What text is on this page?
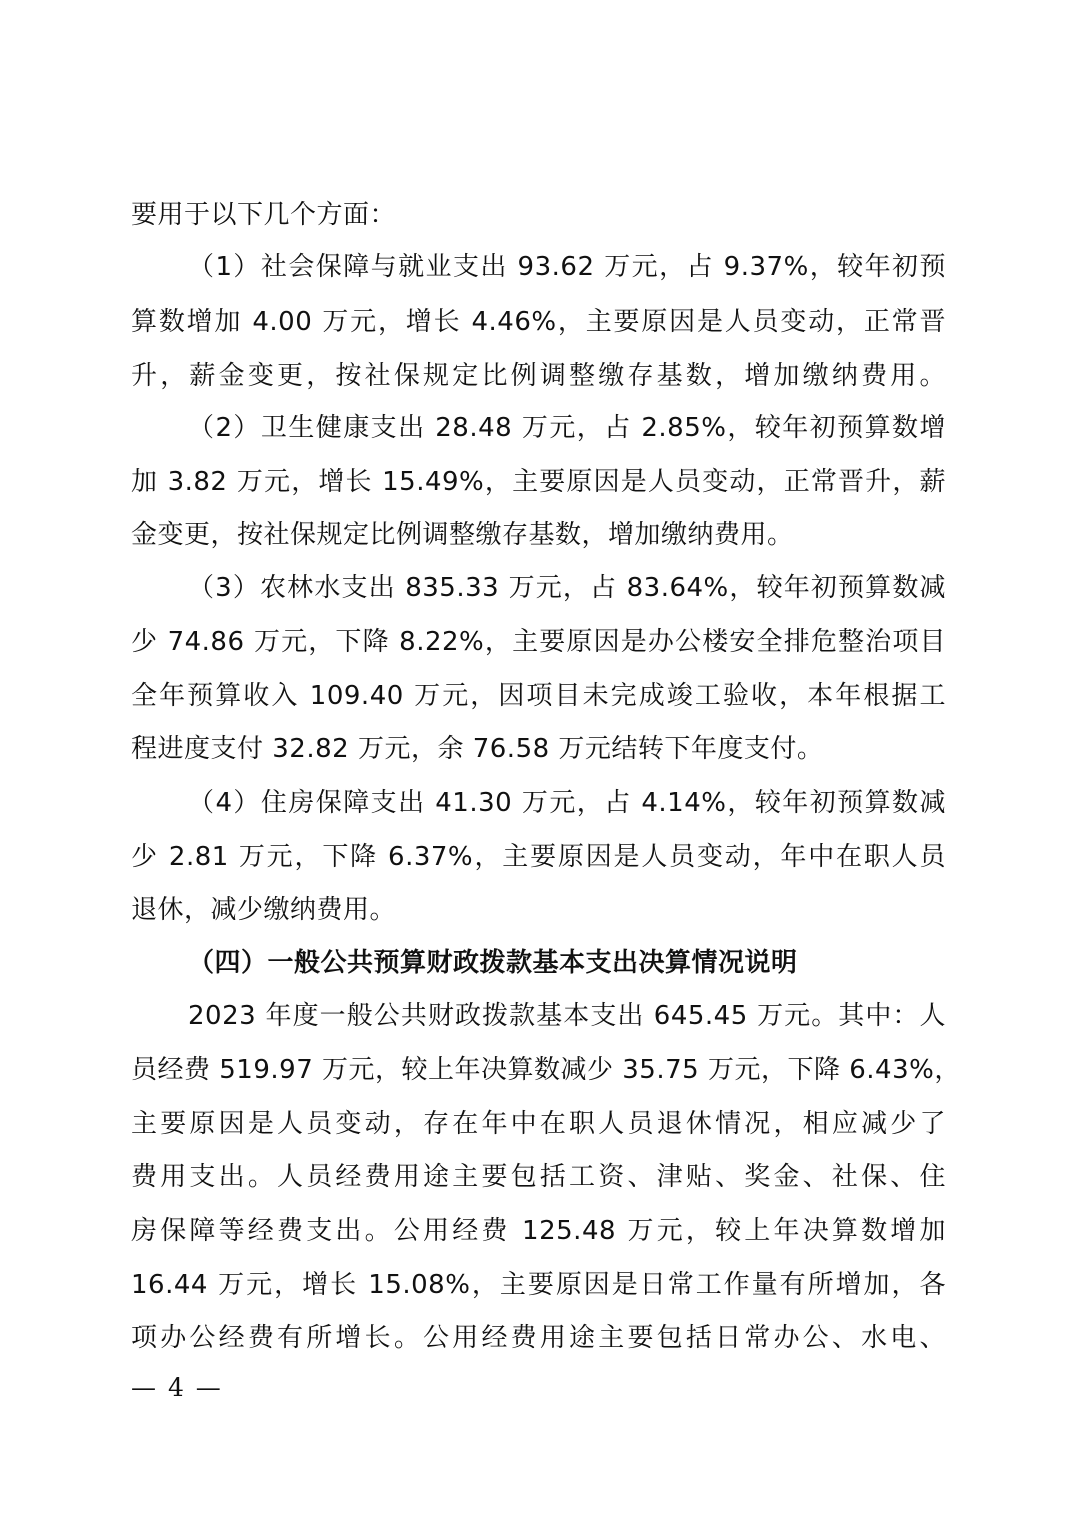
要用于以下几个方面：
（1）社会保障与就业支出 93.62 万元，占 9.37%，较年初预
算数增加 4.00 万元，增长 4.46%，主要原因是人员变动，正常晋
升，薪金变更，按社保规定比例调整缴存基数，增加缴纳费用。
（2）卫生健康支出 28.48 万元，占 2.85%，较年初预算数增
加 3.82 万元，增长 15.49%，主要原因是人员变动，正常晋升，薪
金变更，按社保规定比例调整缴存基数，增加缴纳费用。
（3）农林水支出 835.33 万元，占 83.64%，较年初预算数减
少 74.86 万元，下降 8.22%，主要原因是办公楼安全排危整治项目
全年预算收入 109.40 万元，因项目未完成竣工验收，本年根据工
程进度支付 32.82 万元，余 76.58 万元结转下年度支付。
（4）住房保障支出 41.30 万元，占 4.14%，较年初预算数减
少 2.81 万元，下降 6.37%，主要原因是人员变动，年中在职人员
退休，减少缴纳费用。
（四）一般公共预算财政拨款基本支出决算情况说明
2023 年度一般公共财政拨款基本支出 645.45 万元。其中：人
员经费 519.97 万元，较上年决算数减少 35.75 万元，下降 6.43%，
主要原因是人员变动，存在年中在职人员退休情况，相应减少了
费用支出。人员经费用途主要包括工资、津贴、奖金、社保、住
房保障等经费支出。公用经费 125.48 万元，较上年决算数增加
16.44 万元，增长 15.08%，主要原因是日常工作量有所增加，各
项办公经费有所增长。公用经费用途主要包括日常办公、水电、
— 4 —
